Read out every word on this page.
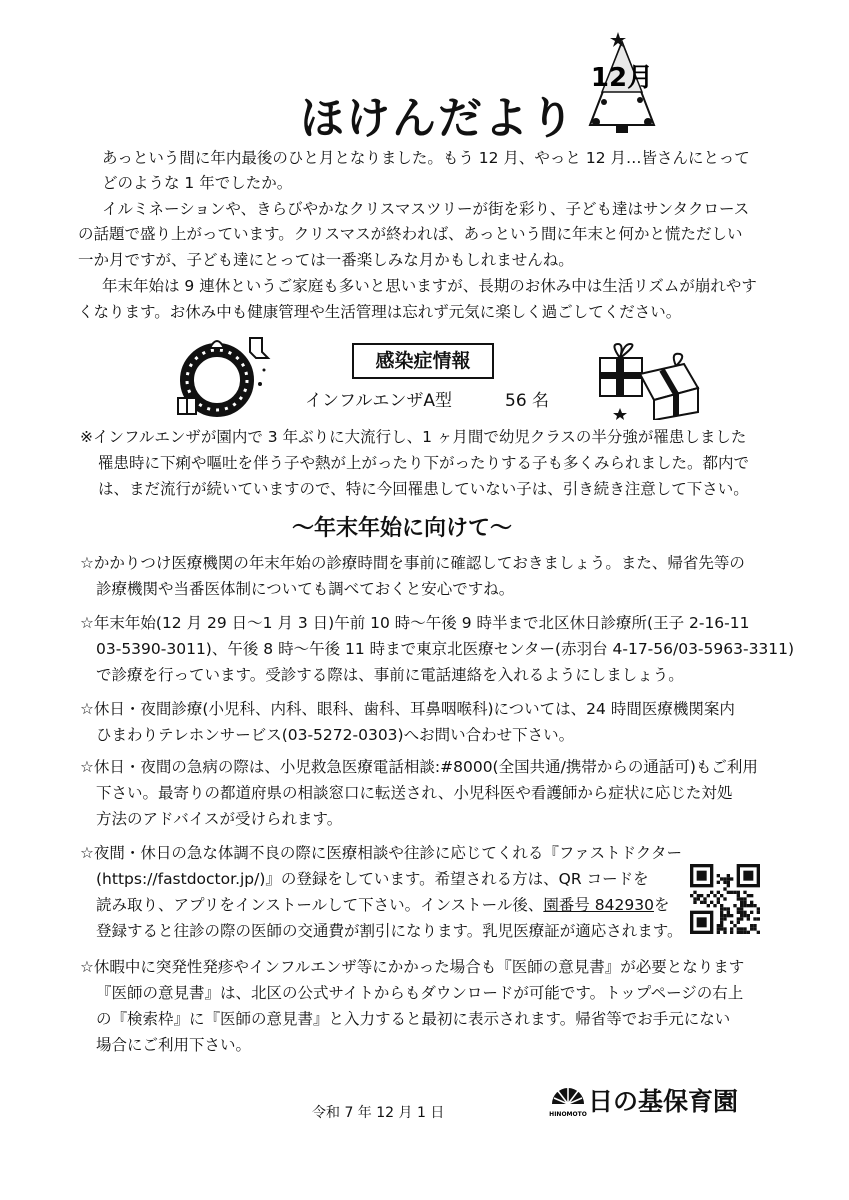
ほけんだより
12月
あっという間に年内最後のひと月となりました。もう 12 月、やっと 12 月…皆さんにとって
どのような 1 年でしたか。
イルミネーションや、きらびやかなクリスマスツリーが街を彩り、子ども達はサンタクロース
の話題で盛り上がっています。クリスマスが終われば、あっという間に年末と何かと慌ただしい
一か月ですが、子ども達にとっては一番楽しみな月かもしれませんね。
年末年始は 9 連休というご家庭も多いと思いますが、長期のお休み中は生活リズムが崩れやす
くなります。お休み中も健康管理や生活管理は忘れず元気に楽しく過ごしてください。
感染症情報
インフルエンザA型	56 名
※インフルエンザが園内で 3 年ぶりに大流行し、1 ヶ月間で幼児クラスの半分強が罹患しました
罹患時に下痢や嘔吐を伴う子や熱が上がったり下がったりする子も多くみられました。都内で
は、まだ流行が続いていますので、特に今回罹患していない子は、引き続き注意して下さい。
～年末年始に向けて～
☆かかりつけ医療機関の年末年始の診療時間を事前に確認しておきましょう。また、帰省先等の
診療機関や当番医体制についても調べておくと安心ですね。
☆年末年始(12 月 29 日～1 月 3 日)午前 10 時～午後 9 時半まで北区休日診療所(王子 2-16-11
03-5390-3011)、午後 8 時～午後 11 時まで東京北医療センター(赤羽台 4-17-56/03-5963-3311)
で診療を行っています。受診する際は、事前に電話連絡を入れるようにしましょう。
☆休日・夜間診療(小児科、内科、眼科、歯科、耳鼻咽喉科)については、24 時間医療機関案内
ひまわりテレホンサービス(03-5272-0303)へお問い合わせ下さい。
☆休日・夜間の急病の際は、小児救急医療電話相談:#8000(全国共通/携帯からの通話可)もご利用
下さい。最寄りの都道府県の相談窓口に転送され、小児科医や看護師から症状に応じた対処
方法のアドバイスが受けられます。
☆夜間・休日の急な体調不良の際に医療相談や往診に応じてくれる『ファストドクター
(https://fastdoctor.jp/)』の登録をしています。希望される方は、QR コードを
読み取り、アプリをインストールして下さい。インストール後、園番号 842930を
登録すると往診の際の医師の交通費が割引になります。乳児医療証が適応されます。
☆休暇中に突発性発疹やインフルエンザ等にかかった場合も『医師の意見書』が必要となります
『医師の意見書』は、北区の公式サイトからもダウンロードが可能です。トップページの右上
の『検索枠』に『医師の意見書』と入力すると最初に表示されます。帰省等でお手元にない
場合にご利用下さい。
令和 7 年 12 月 1 日	HINOMOTO 日の基保育園
